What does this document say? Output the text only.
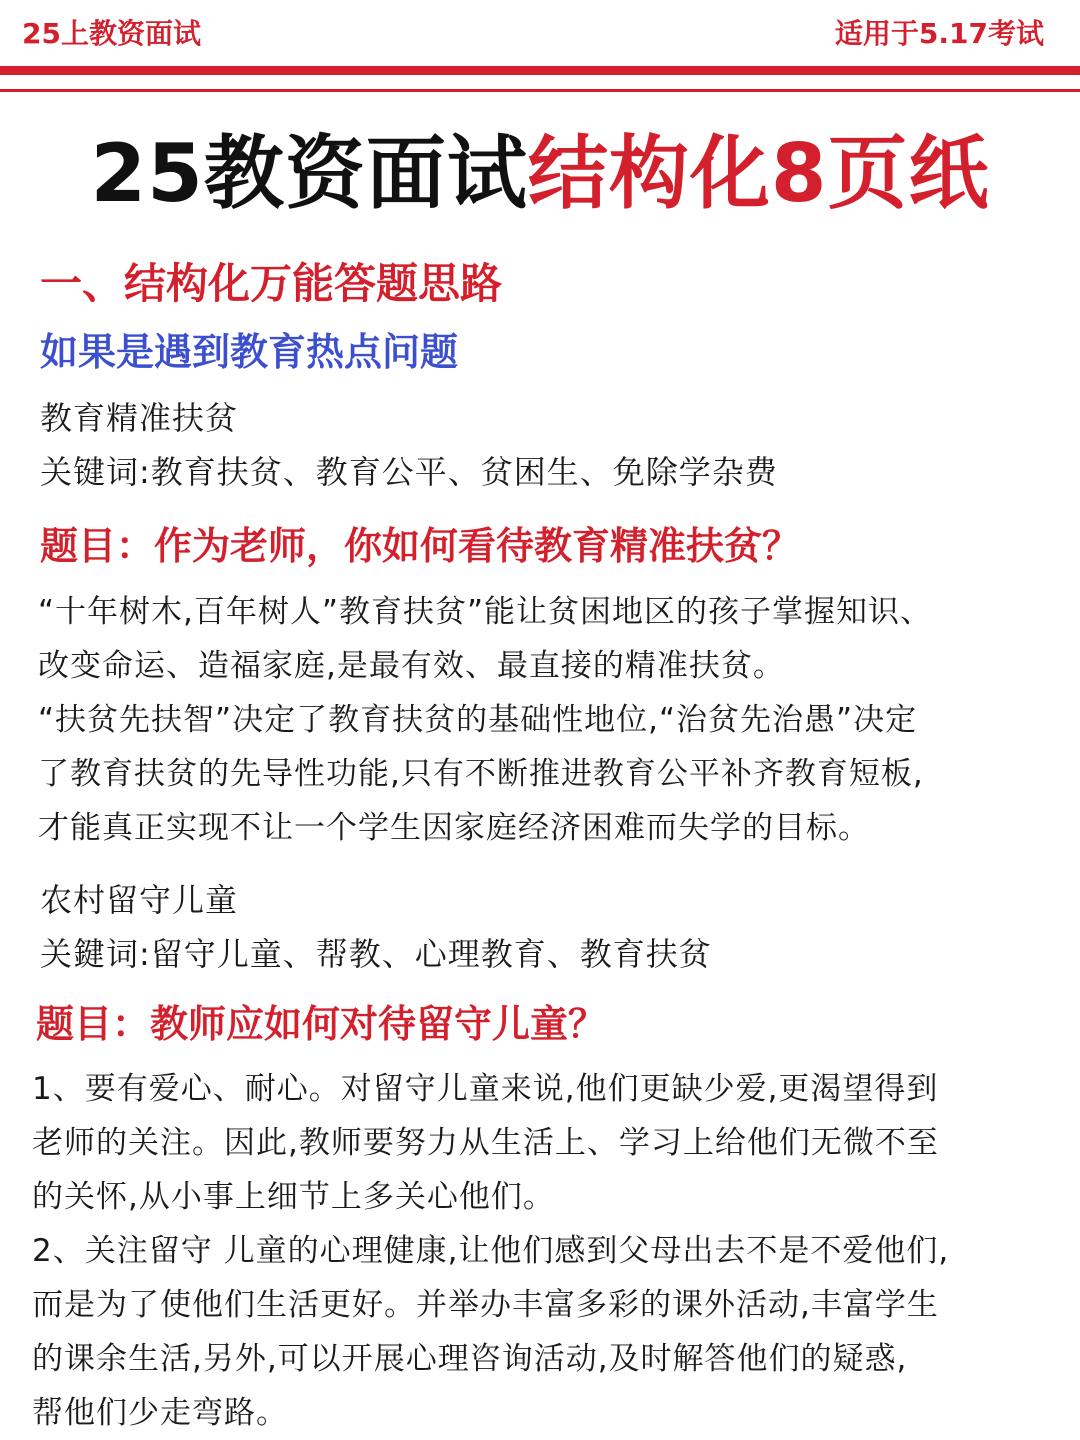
25上教资面试	适用于5.17考试
25教资面试结构化8页纸
一、结构化万能答题思路
如果是遇到教育热点问题
教育精准扶贫
关键词:教育扶贫、教育公平、贫困生、免除学杂费
题目：作为老师，你如何看待教育精准扶贫？

“十年树木,百年树人”教育扶贫”能让贫困地区的孩子掌握知识、

改变命运、造福家庭,是最有效、最直接的精准扶贫。

“扶贫先扶智”决定了教育扶贫的基础性地位,“治贫先治愚”决定

了教育扶贫的先导性功能,只有不断推进教育公平补齐教育短板,

才能真正实现不让一个学生因家庭经济困难而失学的目标。

农村留守儿童
关鍵词:留守儿童、帮教、心理教育、教育扶贫
题目：教师应如何对待留守儿童？

1、要有爱心、耐心。对留守儿童来说,他们更缺少爱,更渴望得到

老师的关注。因此,教师要努力从生活上、学习上给他们无微不至

的关怀,从小事上细节上多关心他们。

2、关注留守 儿童的心理健康,让他们感到父母出去不是不爱他们,

而是为了使他们生活更好。并举办丰富多彩的课外活动,丰富学生

的课余生活,另外,可以开展心理咨询活动,及时解答他们的疑惑,

帮他们少走弯路。
